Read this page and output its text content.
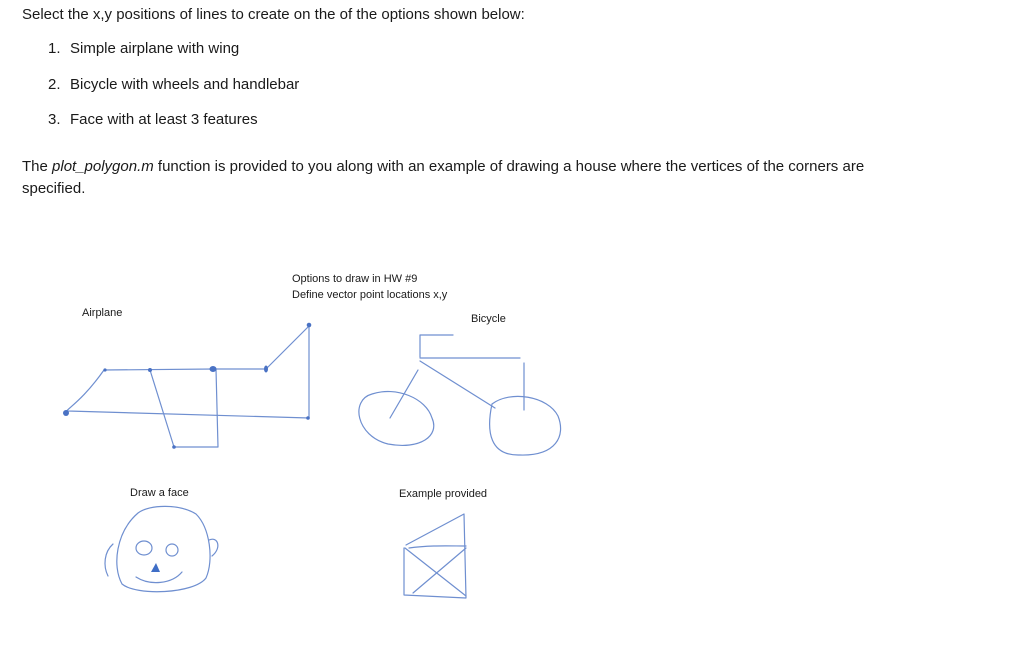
Select the x,y positions of lines to create on the of the options shown below:

1. Simple airplane with wing
2. Bicycle with wheels and handlebar
3. Face with at least 3 features

The plot_polygon.m function is provided to you along with an example of drawing a house where the vertices of the corners are specified.

Options to draw in HW #9
Define vector point locations x,y
Airplane	Bicycle
Draw a face	Example provided
